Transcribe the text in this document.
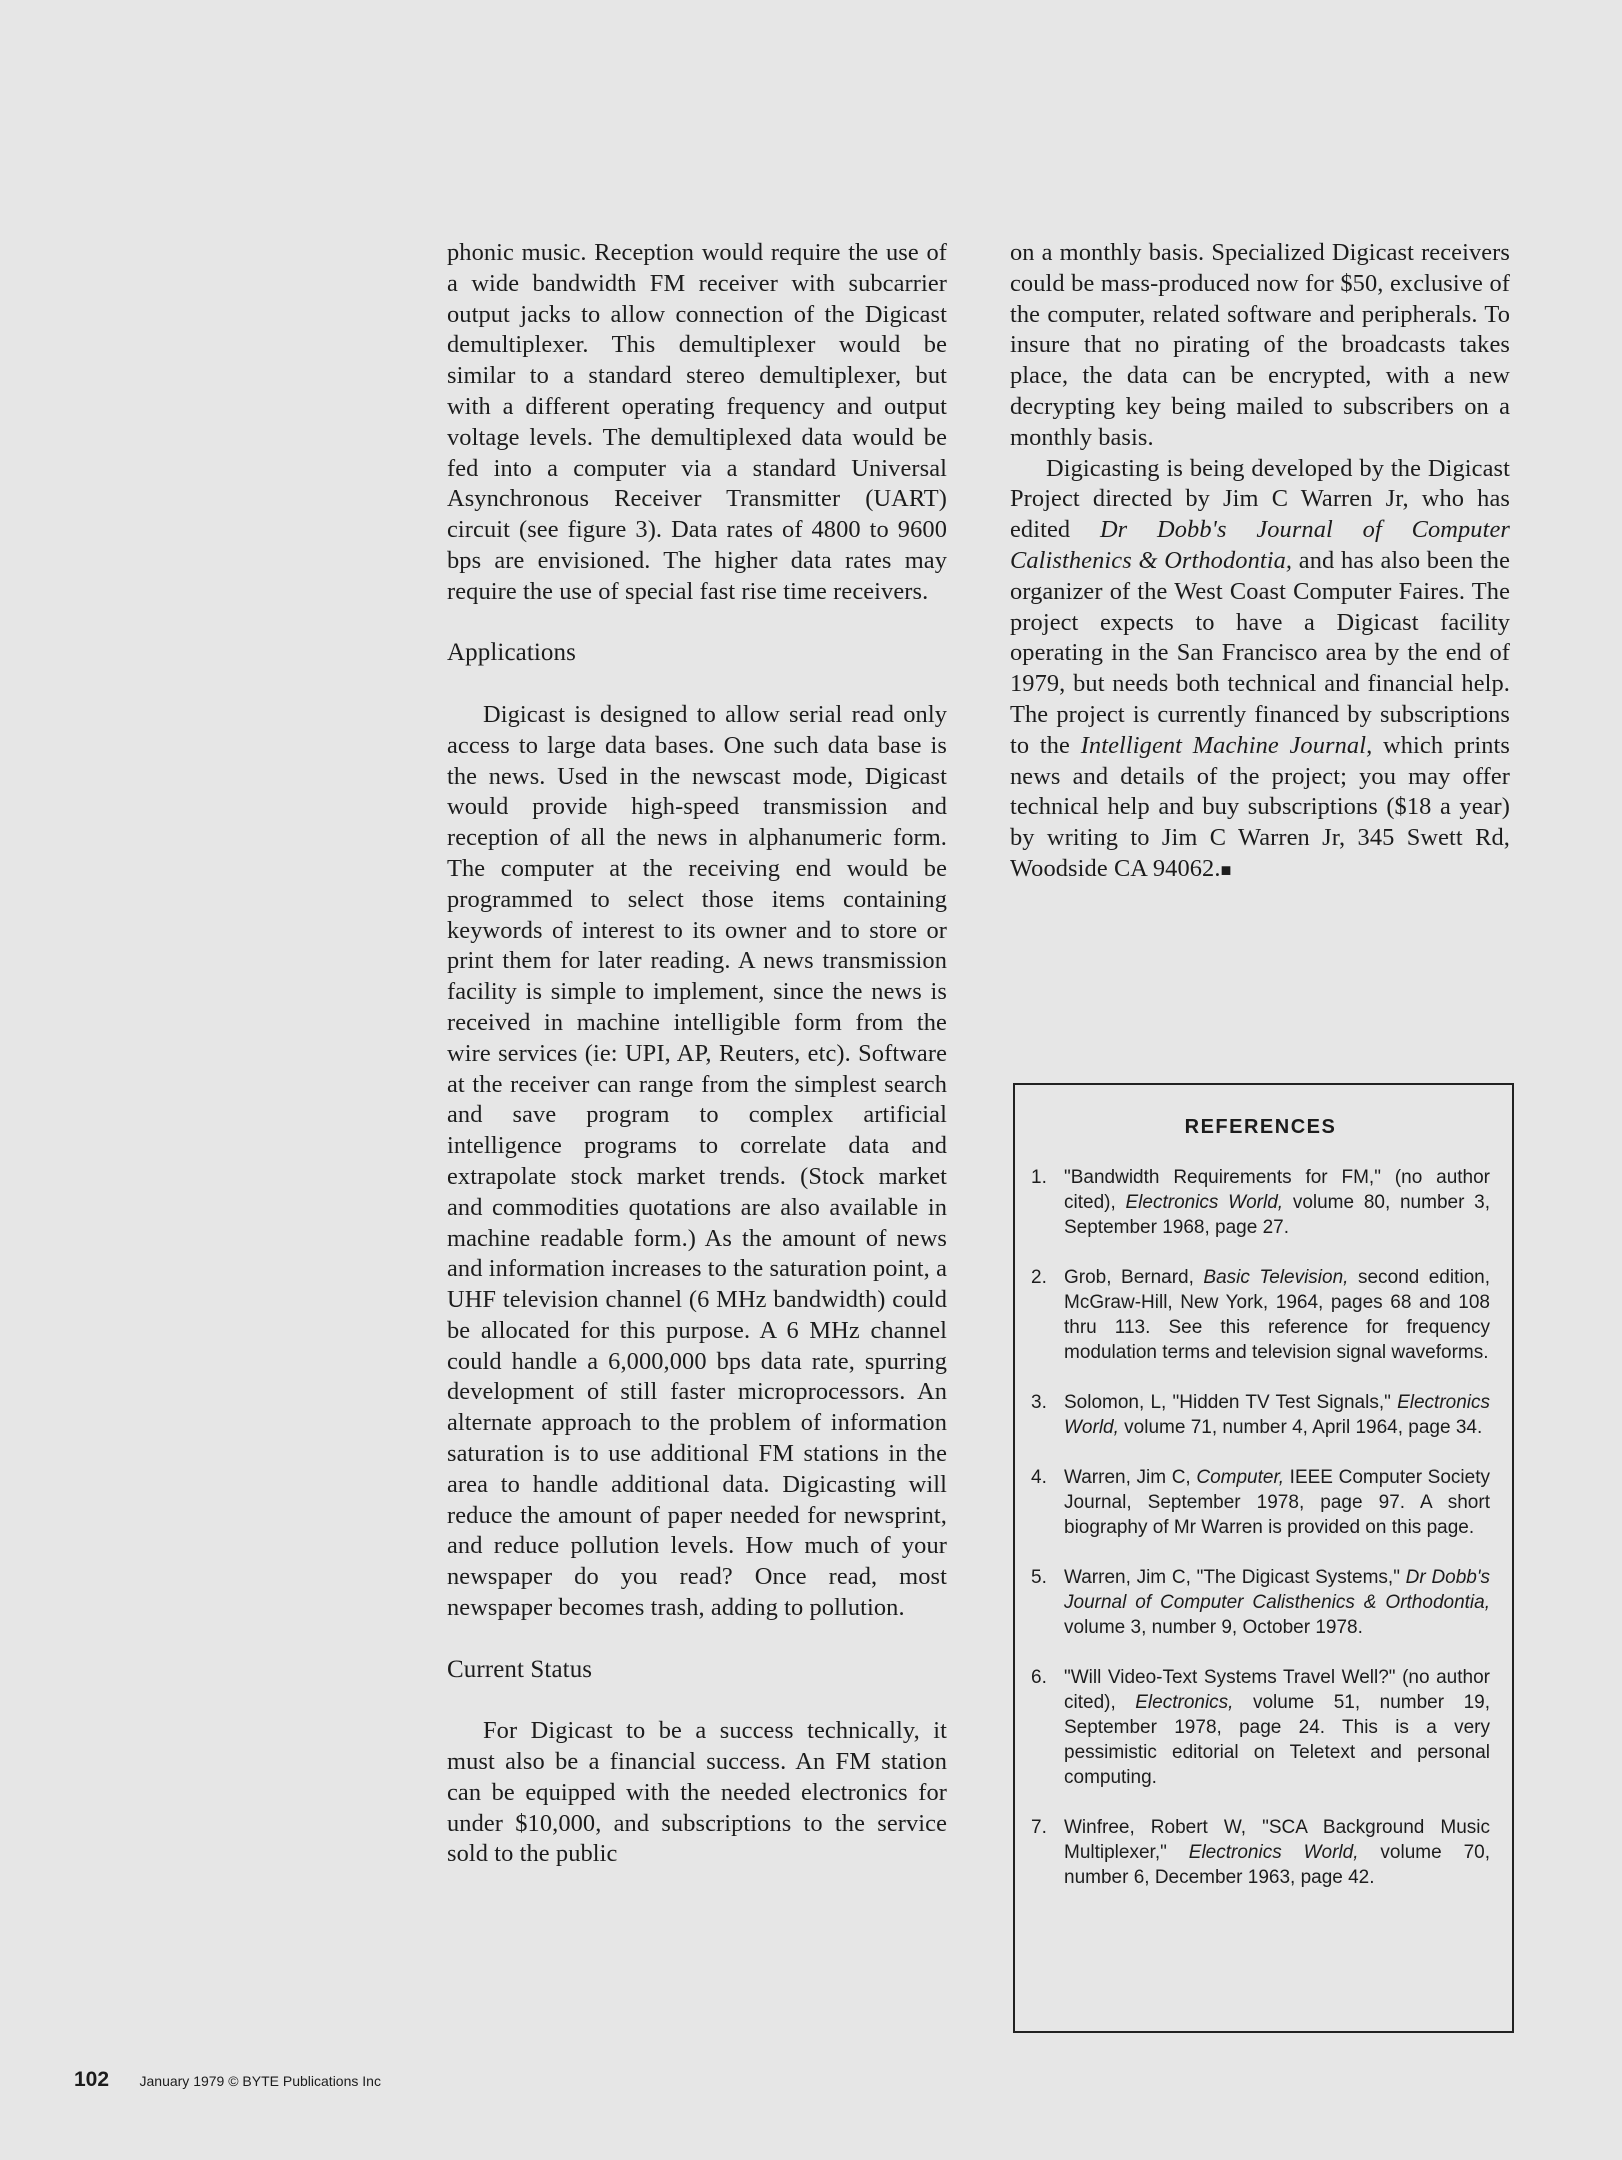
phonic music. Reception would require the use of a wide bandwidth FM receiver with subcarrier output jacks to allow connection of the Digicast demultiplexer. This demultiplexer would be similar to a standard stereo demultiplexer, but with a different operating frequency and output voltage levels. The demultiplexed data would be fed into a computer via a standard Universal Asynchronous Receiver Transmitter (UART) circuit (see figure 3). Data rates of 4800 to 9600 bps are envisioned. The higher data rates may require the use of special fast rise time receivers.

Applications

Digicast is designed to allow serial read only access to large data bases. One such data base is the news. Used in the newscast mode, Digicast would provide high-speed transmission and reception of all the news in alphanumeric form. The computer at the receiving end would be programmed to select those items containing keywords of interest to its owner and to store or print them for later reading. A news transmission facility is simple to implement, since the news is received in machine intelligible form from the wire services (ie: UPI, AP, Reuters, etc). Software at the receiver can range from the simplest search and save program to complex artificial intelligence programs to correlate data and extrapolate stock market trends. (Stock market and commodities quotations are also available in machine readable form.) As the amount of news and information increases to the saturation point, a UHF television channel (6 MHz bandwidth) could be allocated for this purpose. A 6 MHz channel could handle a 6,000,000 bps data rate, spurring development of still faster microprocessors. An alternate approach to the problem of information saturation is to use additional FM stations in the area to handle additional data. Digicasting will reduce the amount of paper needed for newsprint, and reduce pollution levels. How much of your newspaper do you read? Once read, most newspaper becomes trash, adding to pollution.

Current Status

For Digicast to be a success technically, it must also be a financial success. An FM station can be equipped with the needed electronics for under $10,000, and subscriptions to the service sold to the public

on a monthly basis. Specialized Digicast receivers could be mass-produced now for $50, exclusive of the computer, related software and peripherals. To insure that no pirating of the broadcasts takes place, the data can be encrypted, with a new decrypting key being mailed to subscribers on a monthly basis.

Digicasting is being developed by the Digicast Project directed by Jim C Warren Jr, who has edited Dr Dobb's Journal of Computer Calisthenics & Orthodontia, and has also been the organizer of the West Coast Computer Faires. The project expects to have a Digicast facility operating in the San Francisco area by the end of 1979, but needs both technical and financial help. The project is currently financed by subscriptions to the Intelligent Machine Journal, which prints news and details of the project; you may offer technical help and buy subscriptions ($18 a year) by writing to Jim C Warren Jr, 345 Swett Rd, Woodside CA 94062.■

REFERENCES
1. "Bandwidth Requirements for FM," (no author cited), Electronics World, volume 80, number 3, September 1968, page 27.
2. Grob, Bernard, Basic Television, second edition, McGraw-Hill, New York, 1964, pages 68 and 108 thru 113. See this reference for frequency modulation terms and television signal waveforms.
3. Solomon, L, "Hidden TV Test Signals," Electronics World, volume 71, number 4, April 1964, page 34.
4. Warren, Jim C, Computer, IEEE Computer Society Journal, September 1978, page 97. A short biography of Mr Warren is provided on this page.
5. Warren, Jim C, "The Digicast Systems," Dr Dobb's Journal of Computer Calisthenics & Orthodontia, volume 3, number 9, October 1978.
6. "Will Video-Text Systems Travel Well?" (no author cited), Electronics, volume 51, number 19, September 1978, page 24. This is a very pessimistic editorial on Teletext and personal computing.
7. Winfree, Robert W, "SCA Background Music Multiplexer," Electronics World, volume 70, number 6, December 1963, page 42.
102 January 1979 © BYTE Publications Inc
